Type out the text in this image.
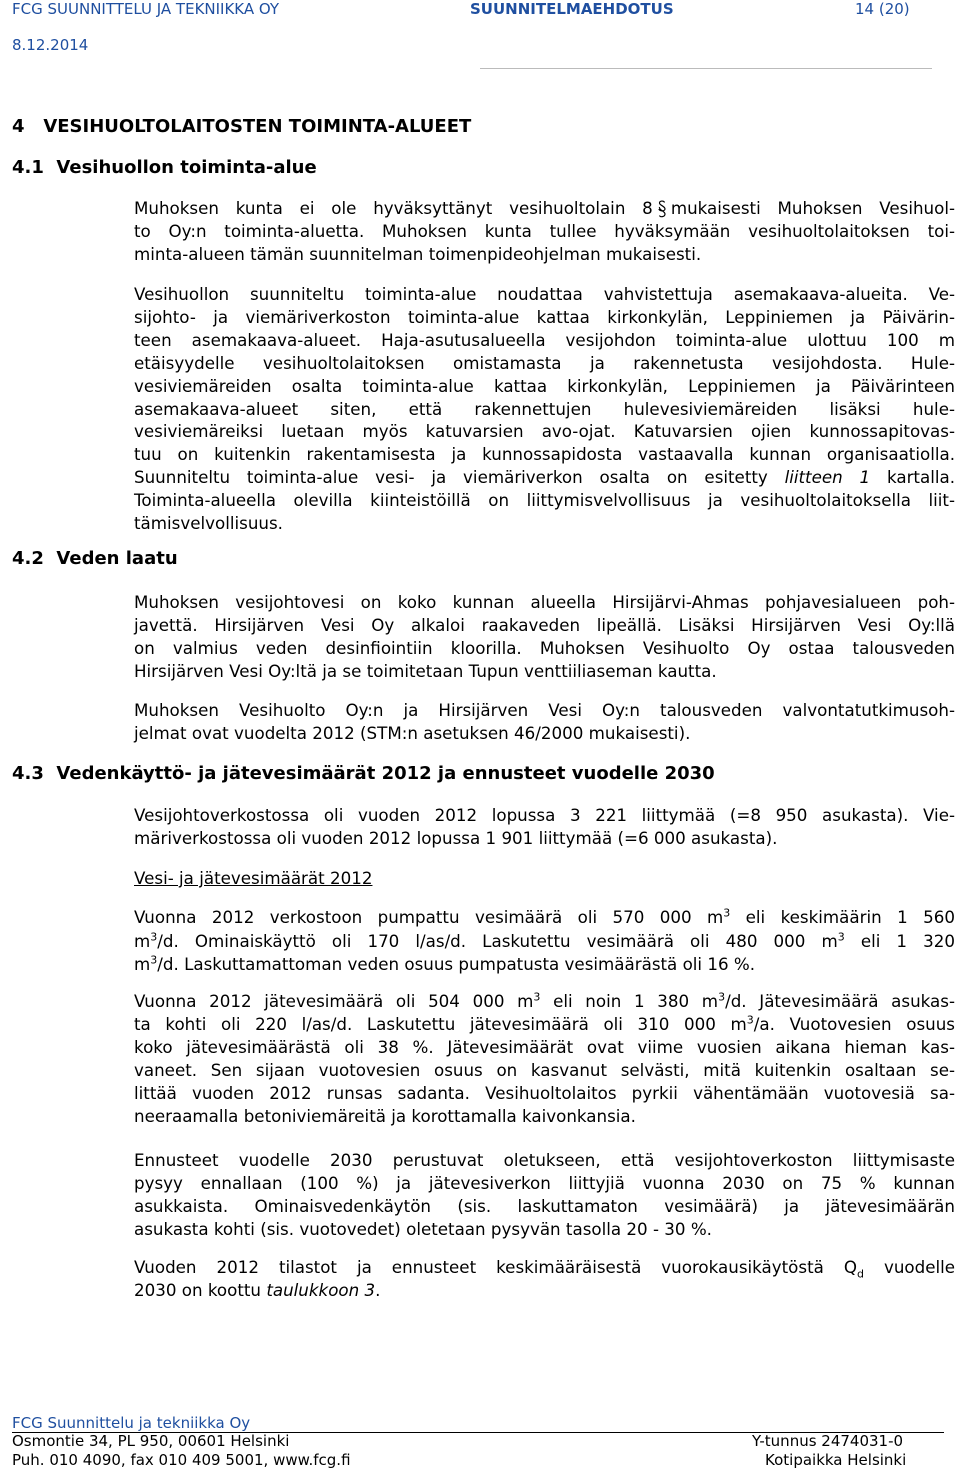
FCG SUUNNITTELU JA TEKNIIKKA OY	SUUNNITELMAEHDOTUS	14 (20)
8.12.2014
4   VESIHUOLTOLAITOSTEN TOIMINTA-ALUEET
4.1  Vesihuollon toiminta-alue
Muhoksen kunta ei ole hyväksyttänyt vesihuoltolain 8 mukaisesti Muhoksen Vesihuol-
to Oy:n toiminta-aluetta. Muhoksen kunta tullee hyväksymään vesihuoltolaitoksen toi-
minta-alueen tämän suunnitelman toimenpideohjelman mukaisesti.
Vesihuollon suunniteltu toiminta-alue noudattaa vahvistettuja asemakaava-alueita. Ve-
sijohto- ja viemäriverkoston toiminta-alue kattaa kirkonkylän, Leppiniemen ja Päivärin-
teen asemakaava-alueet. Haja-asutusalueella vesijohdon toiminta-alue ulottuu 100 m
etäisyydelle vesihuoltolaitoksen omistamasta ja rakennetusta vesijohdosta. Hule-
vesiviemäreiden osalta toiminta-alue kattaa kirkonkylän, Leppiniemen ja Päivärinteen
asemakaava-alueet siten, että rakennettujen hulevesiviemäreiden lisäksi hule-
vesiviemäreiksi luetaan myös katuvarsien avo-ojat. Katuvarsien ojien kunnossapitovas-
tuu on kuitenkin rakentamisesta ja kunnossapidosta vastaavalla kunnan organisaatiolla.
Suunniteltu toiminta-alue vesi- ja viemäriverkon osalta on esitetty liitteen 1 kartalla.
Toiminta-alueella olevilla kiinteistöillä on liittymisvelvollisuus ja vesihuoltolaitoksella liit-
tämisvelvollisuus.
4.2  Veden laatu
Muhoksen vesijohtovesi on koko kunnan alueella Hirsijärvi-Ahmas pohjavesialueen poh-
javettä. Hirsijärven Vesi Oy alkaloi raakaveden lipeällä. Lisäksi Hirsijärven Vesi Oy:llä
on valmius veden desinfiointiin kloorilla. Muhoksen Vesihuolto Oy ostaa talousveden
Hirsijärven Vesi Oy:ltä ja se toimitetaan Tupun venttiiliaseman kautta.
Muhoksen Vesihuolto Oy:n ja Hirsijärven Vesi Oy:n talousveden valvontatutkimusoh-
jelmat ovat vuodelta 2012 (STM:n asetuksen 46/2000 mukaisesti).
4.3  Vedenkäyttö- ja jätevesimäärät 2012 ja ennusteet vuodelle 2030
Vesijohtoverkostossa oli vuoden 2012 lopussa 3 221 liittymää (=8 950 asukasta). Vie-
märiverkostossa oli vuoden 2012 lopussa 1 901 liittymää (=6 000 asukasta).
Vesi- ja jätevesimäärät 2012
Vuonna 2012 verkostoon pumpattu vesimäärä oli 570 000 $m^3$ eli keskimäärin 1 560
$m^3/d$. Ominaiskäyttö oli 170 l/as/d. Laskutettu vesimäärä oli 480 000 $m^3$ eli 1 320
$m^3/d$. Laskuttamattoman veden osuus pumpatusta vesimäärästä oli 16 %.
Vuonna 2012 jätevesimäärä oli 504 000 $m^3$ eli noin 1 380 $m^3/d$. Jätevesimäärä asukas-
ta kohti oli 220 l/as/d. Laskutettu jätevesimäärä oli 310 000 $m^3/a$. Vuotovesien osuus
koko jätevesimäärästä oli 38 %. Jätevesimäärät ovat viime vuosien aikana hieman kas-
vaneet. Sen sijaan vuotovesien osuus on kasvanut selvästi, mitä kuitenkin osaltaan se-
littää vuoden 2012 runsas sadanta. Vesihuoltolaitos pyrkii vähentämään vuotovesiä sa-
neeraamalla betoniviemäreitä ja korottamalla kaivonkansia.
Ennusteet vuodelle 2030 perustuvat oletukseen, että vesijohtoverkoston liittymisaste
pysyy ennallaan (100 %) ja jätevesiverkon liittyjiä vuonna 2030 on 75 % kunnan
asukkaista. Ominaisvedenkäytön (sis. laskuttamaton vesimäärä) ja jätevesimäärän
asukasta kohti (sis. vuotovedet) oletetaan pysyvän tasolla 20 - 30 %.
Vuoden 2012 tilastot ja ennusteet keskimääräisestä vuorokausikäytöstä $Q_d$ vuodelle
2030 on koottu taulukkoon 3.
FCG Suunnittelu ja tekniikka Oy
Osmontie 34, PL 950, 00601 Helsinki
Puh. 010 4090, fax 010 409 5001, www.fcg.fi
Y-tunnus 2474031-0
Kotipaikka Helsinki
